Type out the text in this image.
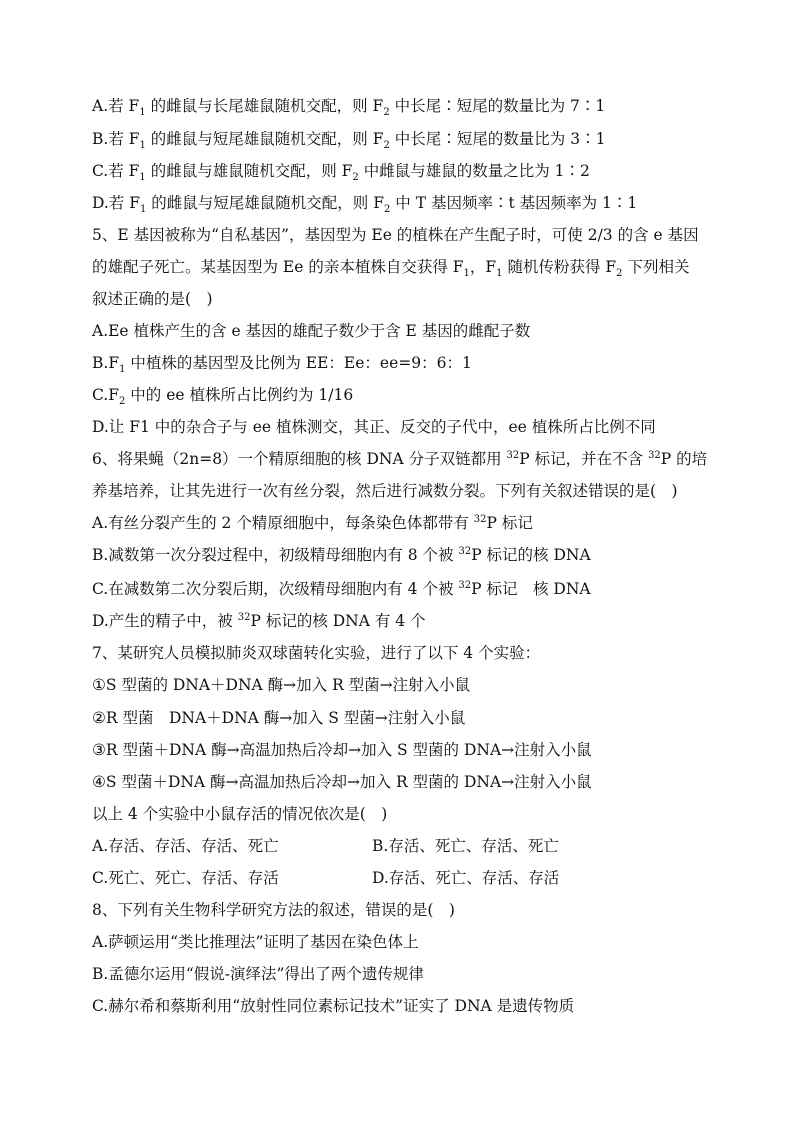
A.若 $F_1$ 的雌鼠与长尾雄鼠随机交配，则 $F_2$ 中长尾∶短尾的数量比为 7∶1
B.若 $F_1$ 的雌鼠与短尾雄鼠随机交配，则 $F_2$ 中长尾∶短尾的数量比为 3∶1
C.若 $F_1$ 的雌鼠与雄鼠随机交配，则 $F_2$ 中雌鼠与雄鼠的数量之比为 1∶2
D.若 $F_1$ 的雌鼠与短尾雄鼠随机交配，则 $F_2$ 中 T 基因频率∶t 基因频率为 1∶1
5、E 基因被称为“自私基因”，基因型为 Ee 的植株在产生配子时，可使 2/3 的含 e 基因
的雄配子死亡。某基因型为 Ee 的亲本植株自交获得 $F_1$，$F_1$ 随机传粉获得 $F_2$ 下列相关
叙述正确的是(　)
A.Ee 植株产生的含 e 基因的雄配子数少于含 E 基因的雌配子数
$B.F_1$ 中植株的基因型及比例为 EE：Ee：ee=9：6：1
$C.F_2$ 中的 ee 植株所占比例约为 1/16
D.让 F1 中的杂合子与 ee 植株测交，其正、反交的子代中，ee 植株所占比例不同
6、将果蝇（2n=8）一个精原细胞的核 DNA 分子双链都用 $^{32}$P 标记，并在不含 $^{32}$P 的培
养基培养，让其先进行一次有丝分裂，然后进行减数分裂。下列有关叙述错误的是(　)
A.有丝分裂产生的 2 个精原细胞中，每条染色体都带有 $^{32}$P 标记
B.减数第一次分裂过程中，初级精母细胞内有 8 个被 $^{32}$P 标记的核 DNA
C.在减数第二次分裂后期，次级精母细胞内有 4 个被 $^{32}$P 标记　核 DNA
D.产生的精子中，被 $^{32}$P 标记的核 DNA 有 4 个
7、某研究人员模拟肺炎双球菌转化实验，进行了以下 4 个实验：
①S 型菌的 DNA＋DNA 酶→加入 R 型菌→注射入小鼠
②R 型菌　DNA＋DNA 酶→加入 S 型菌→注射入小鼠
③R 型菌＋DNA 酶→高温加热后冷却→加入 S 型菌的 DNA→注射入小鼠
④S 型菌＋DNA 酶→高温加热后冷却→加入 R 型菌的 DNA→注射入小鼠
以上 4 个实验中小鼠存活的情况依次是(　)
A.存活、存活、存活、死亡	B.存活、死亡、存活、死亡
C.死亡、死亡、存活、存活	D.存活、死亡、存活、存活
8、下列有关生物科学研究方法的叙述，错误的是(　)
A.萨顿运用“类比推理法”证明了基因在染色体上
B.孟德尔运用“假说-演绎法”得出了两个遗传规律
C.赫尔希和蔡斯利用“放射性同位素标记技术”证实了 DNA 是遗传物质
